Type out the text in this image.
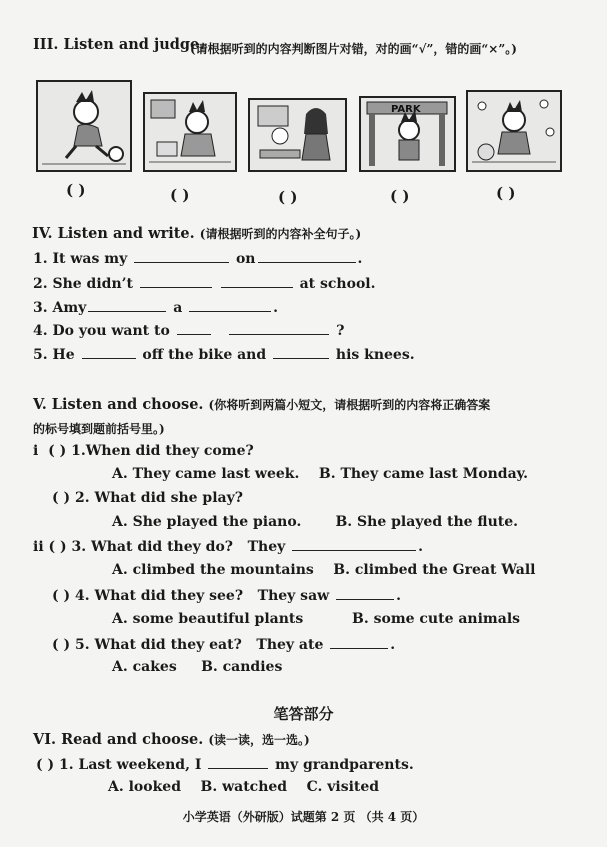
III. Listen and judge.
(请根据听到的内容判断图片对错，对的画“√”，错的画“×”。)
PARK
( )	( )	( )	( )	( )
IV. Listen and write. (请根据听到的内容补全句子。)
1. It was my	on	.
2. She didn’t	at school.
3. Amy	a	.
4. Do you want to	?
5. He	off the bike and	his knees.
V. Listen and choose. (你将听到两篇小短文，请根据听到的内容将正确答案
的标号填到题前括号里。)
i ( ) 1.When did they come?
A. They came last week. B. They came last Monday.
( ) 2. What did she play?
A. She played the piano. B. She played the flute.
ii ( ) 3. What did they do? They	.
A. climbed the mountains B. climbed the Great Wall
( ) 4. What did they see? They saw	.
A. some beautiful plants	B. some cute animals
( ) 5. What did they eat? They ate	.
A. cakes B. candies
笔答部分
VI. Read and choose. (读一读，选一选。)
( ) 1. Last weekend, I	my grandparents.
A. looked B. watched C. visited
小学英语（外研版）试题第 2 页 （共 4 页）
